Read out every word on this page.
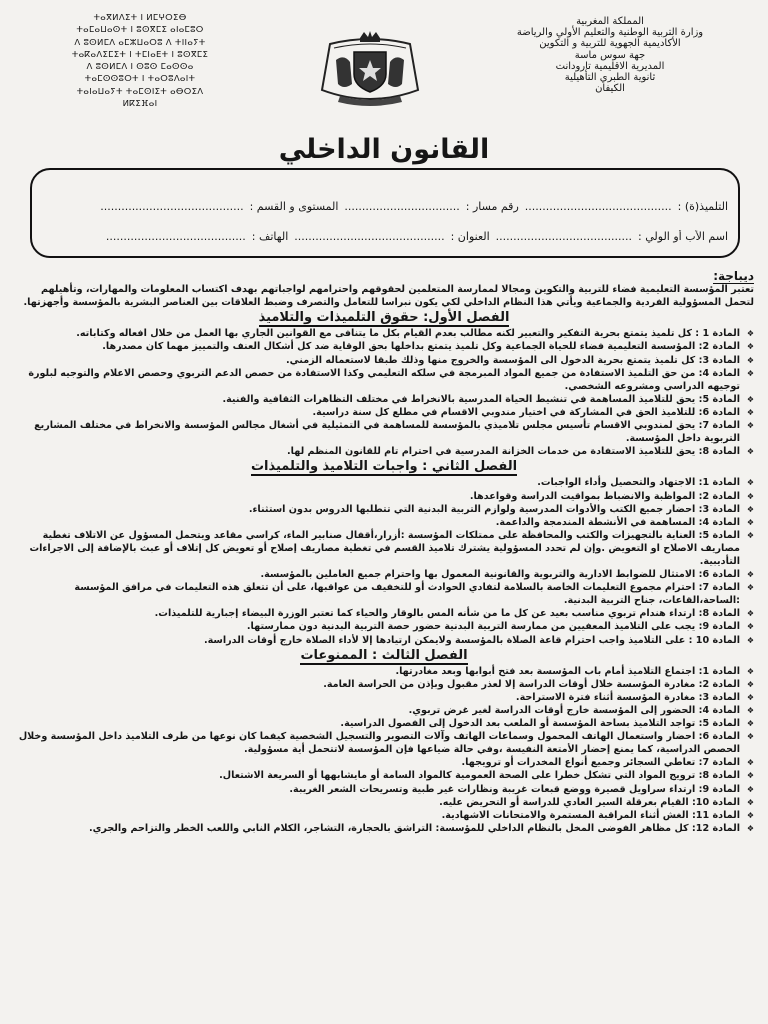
ⵜⴰⴳⵍⴷⵉⵜ ⵏ ⵍⵎⵖⵔⵉⴱ
ⵜⴰⵎⴰⵡⴰⵙⵜ ⵏ ⵓⵙⴳⵎⵉ ⴰⵏⴰⵎⵓⵔ
ⴷ ⵓⵙⵍⵎⴷ ⴰⵎⵣⵡⴰⵔⵓ ⴷ ⵜⵏⵏⴰⵢⵜ
ⵜⴰⴽⴰⴷⵉⵎⵉⵜ ⵏ ⵜⵎⵏⴰⴹⵜ ⵏ ⵓⵙⴳⵎⵉ
ⴷ ⵓⵙⵍⵎⴷ ⵏ ⵙⵓⵙ ⵎⴰⵙⵙⴰ
ⵜⴰⵎⵙⵙⵓⵔⵜ ⵏ ⵜⴰⵔⵓⴷⴰⵏⵜ
ⵜⴰⵏⴰⵡⴰⵢⵜ ⵜⴰⵎⵙⵏⵉⵜ ⴰⴱⵔⵉⴷ
ⵍⴽⵉⴼⴰⵏ
المملكة المغربية
وزارة التربية الوطنية والتعليم الأولي والرياضة
الأكاديمية الجهوية للتربية و التكوين
جهة سوس ماسة
المديرية الاقليمية تارودانت
ثانوية الطبري التأهيلية
الكيفان
القانون الداخلي
التلميذ(ة) :
..........................................
رقم مسار :
.................................
المستوى و القسم :
.........................................
اسم الأب أو الولي :
.......................................
العنوان :
...........................................
الهاتف :
........................................
ديباجة:
تعتبر المؤسسة التعليمية فضاء للتربية والتكوين ومجالا لممارسة المتعلمين لحقوقهم واحترامهم لواجباتهم بهدف اكتساب المعلومات والمهارات، وتأهيلهم لتحمل المسؤولية الفردية والجماعية ويأتي هذا النظام الداخلي لكي يكون نبراسا للتعامل والتصرف وضبط العلاقات بين العناصر البشرية بالمؤسسة وأجهزتها.
الفصل الأول: حقوق التلميذات والتلاميذ
❖ المادة 1 : كل تلميذ يتمتع بحرية التفكير والتعبير لكنه مطالب بعدم القيام بكل ما يتنافى مع القوانين الجاري بها العمل من خلال افعاله وكتاباته.
❖ المادة 2: المؤسسة التعليمية فضاء للحياة الجماعية وكل تلميذ يتمتع بداخلها بحق الوقاية ضد كل أشكال العنف والتمييز مهما كان مصدرها.
❖ المادة 3: كل تلميذ يتمتع بحرية الدخول الى المؤسسة والخروج منها وذلك طبقا لاستعماله الزمني.
❖ المادة 4: من حق التلميذ الاستفادة من جميع المواد المبرمجة في سلكه التعليمي وكذا الاستفادة من حصص الدعم التربوي وحصص الاعلام والتوجيه لبلورة توجيهه الدراسي ومشروعه الشخصي.
❖ المادة 5: يحق للتلاميذ المساهمة في تنشيط الحياة المدرسية بالانخراط في مختلف التظاهرات الثقافية والفنية.
❖ المادة 6: للتلاميذ الحق في المشاركة في اختيار مندوبي الاقسام في مطلع كل سنة دراسية.
❖ المادة 7: يحق لمندوبي الاقسام تأسيس مجلس تلاميذي بالمؤسسة للمساهمة في التمثيلية في أشغال مجالس المؤسسة والانخراط في مختلف المشاريع التربوية داخل المؤسسة.
❖ المادة 8: يحق للتلاميذ الاستفادة من خدمات الخزانة المدرسية في احترام تام للقانون المنظم لها.
الفصل الثاني : واجبات التلاميذ والتلميذات
❖ المادة 1: الاجتهاد والتحصيل وأداء الواجبات.
❖ المادة 2: المواظبة والانضباط بمواقيت الدراسة وقواعدها.
❖ المادة 3: احضار جميع الكتب والأدوات المدرسية ولوازم التربية البدنية التي تتطلبها الدروس بدون استثناء.
❖ المادة 4: المساهمة في الأنشطة المندمجة والداعمة.
❖ المادة 5: العناية بالتجهيزات والكتب والمحافظة على ممتلكات المؤسسة :أزرار،أقفال صنابير الماء، كراسي مقاعد ويتحمل المسؤول عن الاتلاف تغطية مصاريف الاصلاح او التعويض .وإن لم تحدد المسؤولية يشترك تلاميذ القسم في تغطية مصاريف إصلاح أو تعويض كل إتلاف أو عبث بالإضافة إلى الاجراءات التأديبية.
❖ المادة 6: الامتثال للضوابط الادارية والتربوية والقانونية المعمول بها واحترام جميع العاملين بالمؤسسة.
❖ المادة 7: احترام مجموع التعليمات الخاصة بالسلامة لتفادي الحوادث أو للتخفيف من عواقبها، على أن تتعلق هذه التعليمات في مرافق المؤسسة :الساحة،القاعات، جناح التربية البدنية.
❖ المادة 8: ارتداء هندام تربوي مناسب بعيد عن كل ما من شأنه المس بالوقار والحياء كما تعتبر الوزرة البيضاء إجبارية للتلميذات.
❖ المادة 9: يجب على التلاميذ المعفيين من ممارسة التربية البدنية حضور حصة التربية البدنية دون ممارستها.
❖ المادة 10 : على التلاميذ واجب احترام قاعة الصلاة بالمؤسسة ولايمكن ارتيادها إلا لأداء الصلاة خارج أوقات الدراسة.
الفصل الثالث : الممنوعات
❖ المادة 1: اجتماع التلاميذ أمام باب المؤسسة بعد فتح أبوابها وبعد مغادرتها.
❖ المادة 2: مغادرة المؤسسة خلال أوقات الدراسة إلا لعذر مقبول وبإذن من الحراسة العامة.
❖ المادة 3: مغادرة المؤسسة أثناء فترة الاستراحة.
❖ المادة 4: الحضور إلى المؤسسة خارج أوقات الدراسة لغير غرض تربوي.
❖ المادة 5: تواجد التلاميذ بساحة المؤسسة أو الملعب بعد الدخول إلى الفصول الدراسية.
❖ المادة 6: احضار واستعمال الهاتف المحمول وسماعات الهاتف وآلات التصوير والتسجيل الشخصية كيفما كان نوعها من طرف التلاميذ داخل المؤسسة وخلال الحصص الدراسية، كما يمنع إحضار الأمتعة النفيسة ،وفي حالة ضياعها فإن المؤسسة لاتتحمل أية مسؤولية.
❖ المادة 7: تعاطي السجائر وجميع أنواع المخدرات أو ترويجها.
❖ المادة 8: ترويج المواد التي تشكل خطرا على الصحة العمومية كالمواد السامة أو مايشابهها أو السريعة الاشتعال.
❖ المادة 9: ارتداء سراويل قصيرة ووضع قبعات غريبة ونظارات غير طبية وتسريحات الشعر الغريبة.
❖ المادة 10: القيام بعرقلة السير العادي للدراسة أو التحريض عليه.
❖ المادة 11: الغش أثناء المراقبة المستمرة والامتحانات الاشهادية.
❖ المادة 12: كل مظاهر الفوضى المخل بالنظام الداخلي للمؤسسة: التراشق بالحجارة، التشاجر، الكلام النابي واللعب الخطر والتزاحم والجري.
